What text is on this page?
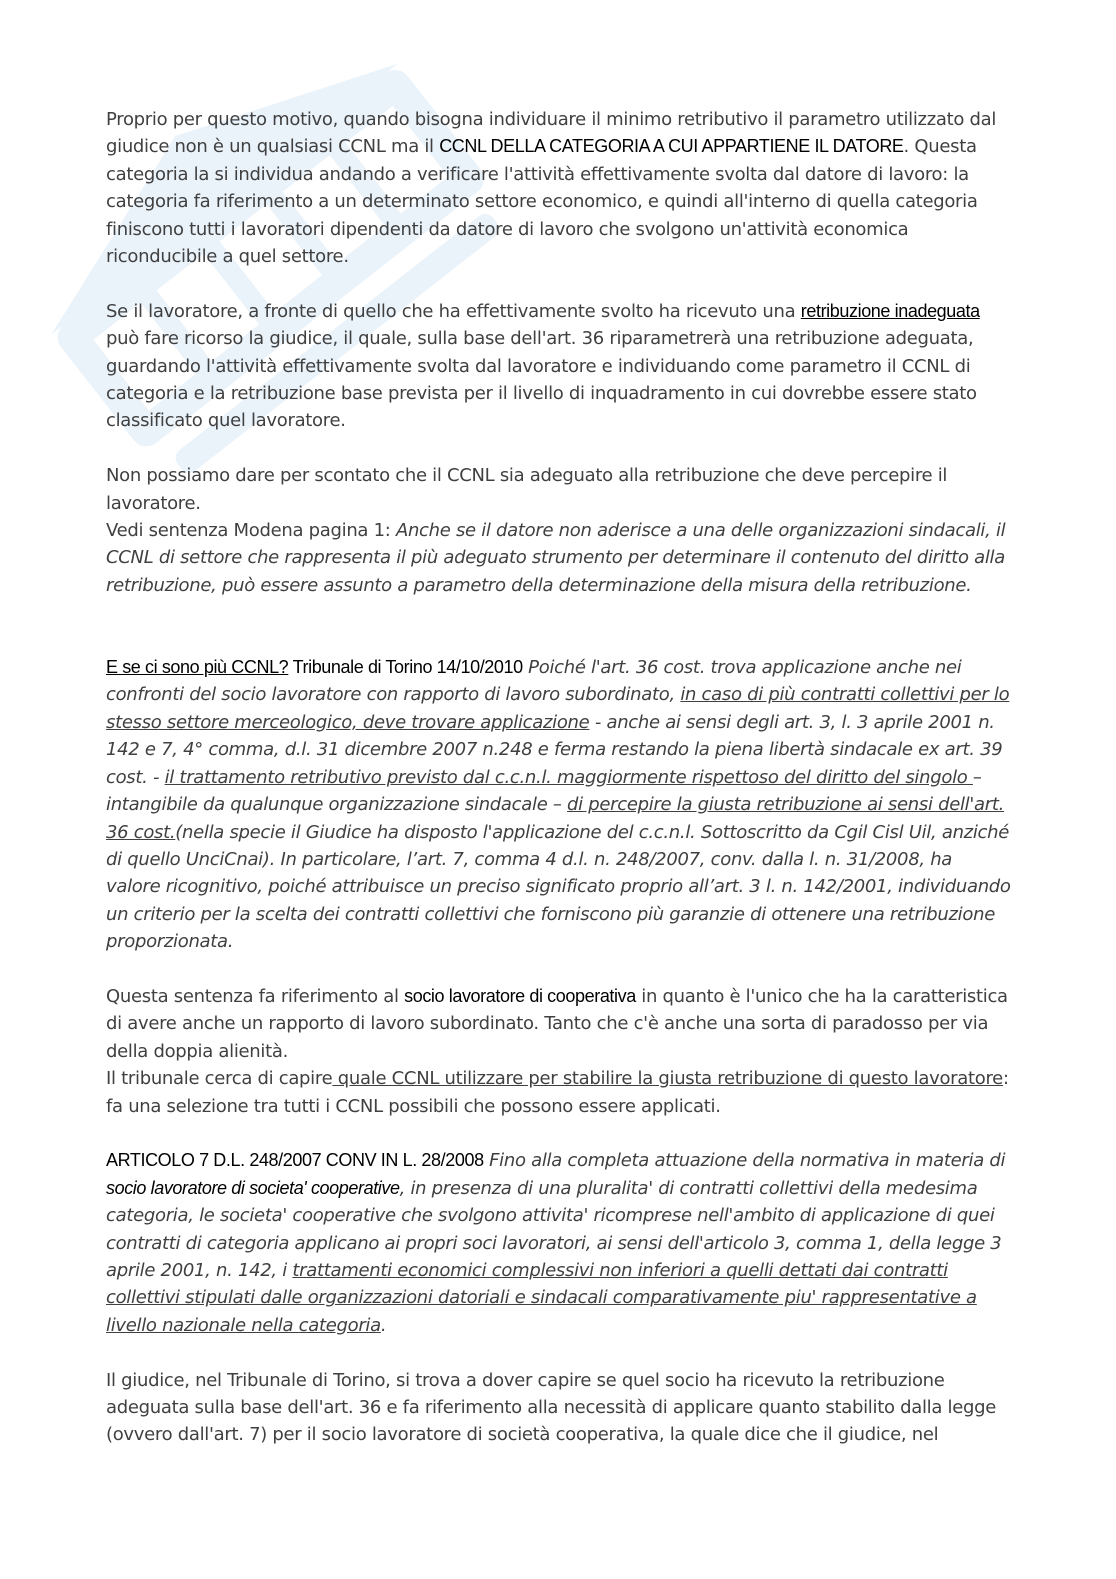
Proprio per questo motivo, quando bisogna individuare il minimo retributivo il parametro utilizzato dal giudice non è un qualsiasi CCNL ma il CCNL DELLA CATEGORIA A CUI APPARTIENE IL DATORE. Questa categoria la si individua andando a verificare l'attività effettivamente svolta dal datore di lavoro: la categoria fa riferimento a un determinato settore economico, e quindi all'interno di quella categoria finiscono tutti i lavoratori dipendenti da datore di lavoro che svolgono un'attività economica riconducibile a quel settore.

Se il lavoratore, a fronte di quello che ha effettivamente svolto ha ricevuto una retribuzione inadeguata può fare ricorso la giudice, il quale, sulla base dell'art. 36 riparametrerà una retribuzione adeguata, guardando l'attività effettivamente svolta dal lavoratore e individuando come parametro il CCNL di categoria e la retribuzione base prevista per il livello di inquadramento in cui dovrebbe essere stato classificato quel lavoratore.

Non possiamo dare per scontato che il CCNL sia adeguato alla retribuzione che deve percepire il lavoratore.

Vedi sentenza Modena pagina 1: Anche se il datore non aderisce a una delle organizzazioni sindacali, il CCNL di settore che rappresenta il più adeguato strumento per determinare il contenuto del diritto alla retribuzione, può essere assunto a parametro della determinazione della misura della retribuzione.

E se ci sono più CCNL? Tribunale di Torino 14/10/2010 Poiché l'art. 36 cost. trova applicazione anche nei confronti del socio lavoratore con rapporto di lavoro subordinato, in caso di più contratti collettivi per lo stesso settore merceologico, deve trovare applicazione - anche ai sensi degli art. 3, l. 3 aprile 2001 n. 142 e 7, 4° comma, d.l. 31 dicembre 2007 n.248 e ferma restando la piena libertà sindacale ex art. 39 cost. - il trattamento retributivo previsto dal c.c.n.l. maggiormente rispettoso del diritto del singolo – intangibile da qualunque organizzazione sindacale – di percepire la giusta retribuzione ai sensi dell'art. 36 cost.(nella specie il Giudice ha disposto l'applicazione del c.c.n.l. Sottoscritto da Cgil Cisl Uil, anziché di quello UnciCnai). In particolare, l’art. 7, comma 4 d.l. n. 248/2007, conv. dalla l. n. 31/2008, ha valore ricognitivo, poiché attribuisce un preciso significato proprio all’art. 3 l. n. 142/2001, individuando un criterio per la scelta dei contratti collettivi che forniscono più garanzie di ottenere una retribuzione proporzionata.

Questa sentenza fa riferimento al socio lavoratore di cooperativa in quanto è l'unico che ha la caratteristica di avere anche un rapporto di lavoro subordinato. Tanto che c'è anche una sorta di paradosso per via della doppia alienità.

Il tribunale cerca di capire quale CCNL utilizzare per stabilire la giusta retribuzione di questo lavoratore: fa una selezione tra tutti i CCNL possibili che possono essere applicati.

ARTICOLO 7 D.L. 248/2007 CONV IN L. 28/2008 Fino alla completa attuazione della normativa in materia di socio lavoratore di societa' cooperative, in presenza di una pluralita' di contratti collettivi della medesima categoria, le societa' cooperative che svolgono attivita' ricomprese nell'ambito di applicazione di quei contratti di categoria applicano ai propri soci lavoratori, ai sensi dell'articolo 3, comma 1, della legge 3 aprile 2001, n. 142, i trattamenti economici complessivi non inferiori a quelli dettati dai contratti collettivi stipulati dalle organizzazioni datoriali e sindacali comparativamente piu' rappresentative a livello nazionale nella categoria.

Il giudice, nel Tribunale di Torino, si trova a dover capire se quel socio ha ricevuto la retribuzione adeguata sulla base dell'art. 36 e fa riferimento alla necessità di applicare quanto stabilito dalla legge (ovvero dall'art. 7) per il socio lavoratore di società cooperativa, la quale dice che il giudice, nel
